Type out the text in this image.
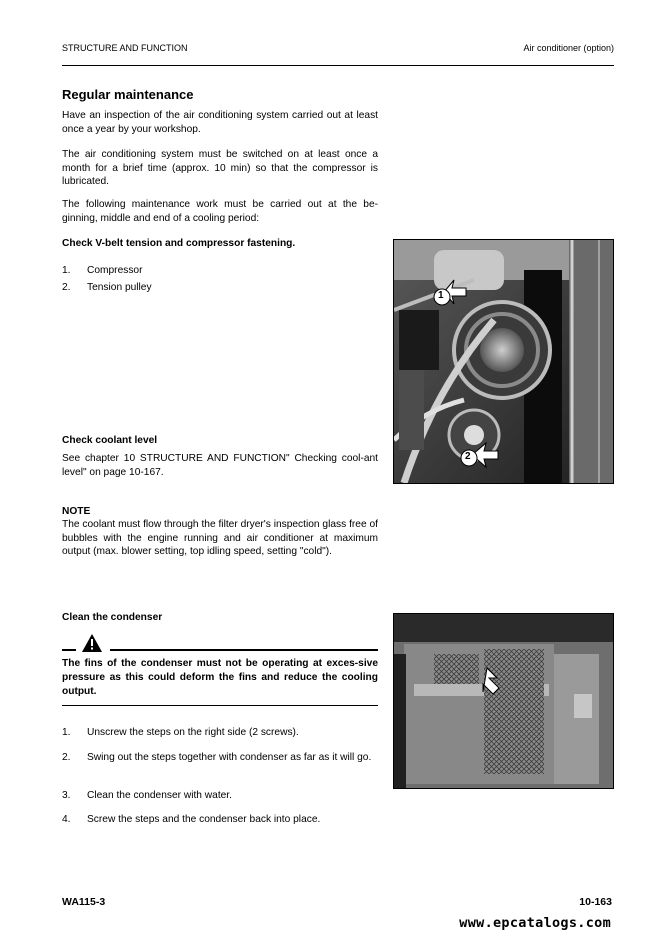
STRUCTURE AND FUNCTION	Air conditioner (option)
Regular maintenance
Have an inspection of the air conditioning system carried out at least once a year by your workshop.
The air conditioning system must be switched on at least once a month for a brief time (approx. 10 min) so that the compressor is lubricated.
The following maintenance work must be carried out at the be-ginning, middle and end of a cooling period:
Check V-belt tension and compressor fastening.
1. Compressor
2. Tension pulley
1
2
Check coolant level
See chapter 10 STRUCTURE AND FUNCTION" Checking cool-ant level" on page 10-167.
NOTE
The coolant must flow through the filter dryer's inspection glass free of bubbles with the engine running and air conditioner at maximum output (max. blower setting, top idling speed, setting "cold").
Clean the condenser
The fins of the condenser must not be operating at exces-sive pressure as this could deform the fins and reduce the cooling output.
1. Unscrew the steps on the right side (2 screws).
2. Swing out the steps together with condenser as far as it will go.
3. Clean the condenser with water.
4. Screw the steps and the condenser back into place.
WA115-3	10-163
www.epcatalogs.com
